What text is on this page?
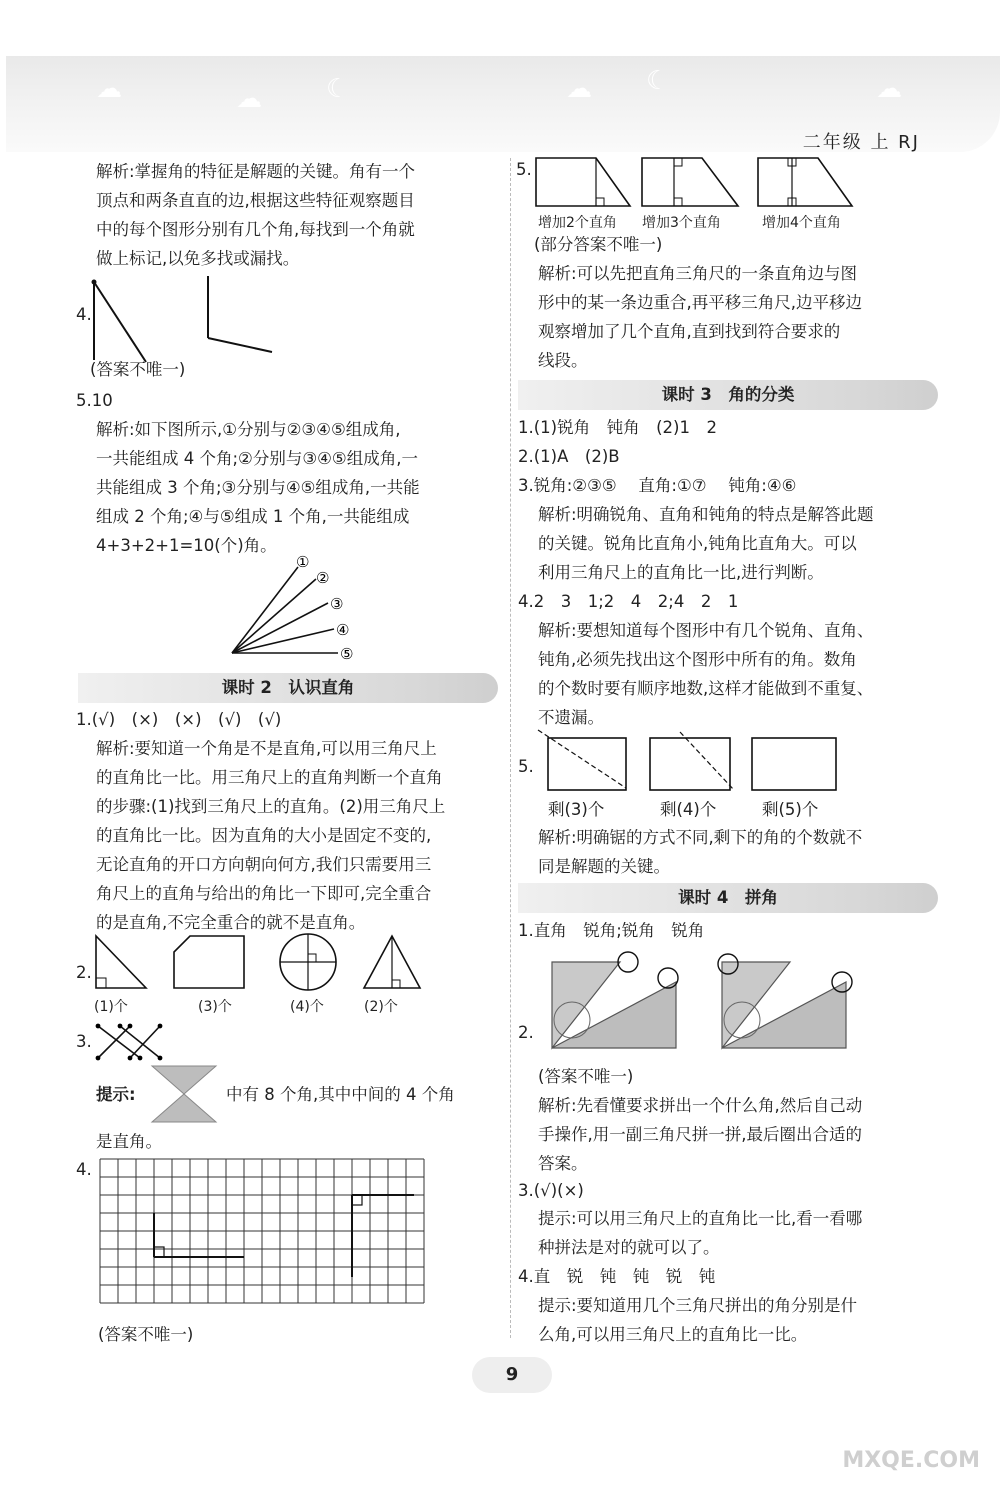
☁	☁ ☾	☁ ☾	☁
二年级 上 RJ

解析:掌握角的特征是解题的关键。角有一个

顶点和两条直直的边,根据这些特征观察题目

中的每个图形分别有几个角,每找到一个角就

做上标记,以免多找或漏找。

4.
(答案不唯一)
5.10

解析:如下图所示,①分别与②③④⑤组成角,

一共能组成 4 个角;②分别与③④⑤组成角,一

共能组成 3 个角;③分别与④⑤组成角,一共能

组成 2 个角;④与⑤组成 1 个角,一共能组成

4+3+2+1=10(个)角。

①
②
③
④
⑤
课时 2　认识直角
1.(√)　(×)　(×)　(√)　(√)

解析:要知道一个角是不是直角,可以用三角尺上

的直角比一比。用三角尺上的直角判断一个直角

的步骤:(1)找到三角尺上的直角。(2)用三角尺上

的直角比一比。因为直角的大小是固定不变的,

无论直角的开口方向朝向何方,我们只需要用三

角尺上的直角与给出的角比一下即可,完全重合

的是直角,不完全重合的就不是直角。

2.
(1)个	(3)个	(4)个	(2)个
3.
提示:	中有 8 个角,其中中间的 4 个角
是直角。
4.
(答案不唯一)
5.
增加2个直角 增加3个直角	增加4个直角
(部分答案不唯一)

解析:可以先把直角三角尺的一条直角边与图

形中的某一条边重合,再平移三角尺,边平移边

观察增加了几个直角,直到找到符合要求的

线段。

课时 3　角的分类

1.(1)锐角　钝角　(2)1　2

2.(1)A　(2)B

3.锐角:②③⑤　 直角:①⑦　 钝角:④⑥

解析:明确锐角、直角和钝角的特点是解答此题

的关键。锐角比直角小,钝角比直角大。可以

利用三角尺上的直角比一比,进行判断。

4.2　3　1;2　4　2;4　2　1

解析:要想知道每个图形中有几个锐角、直角、

钝角,必须先找出这个图形中所有的角。数角

的个数时要有顺序地数,这样才能做到不重复、

不遗漏。

5.
剩(3)个	剩(4)个	剩(5)个

解析:明确锯的方式不同,剩下的角的个数就不

同是解题的关键。

课时 4　拼角
1.直角　锐角;锐角　锐角
2.
(答案不唯一)

解析:先看懂要求拼出一个什么角,然后自己动

手操作,用一副三角尺拼一拼,最后圈出合适的

答案。

3.(√)(×)

提示:可以用三角尺上的直角比一比,看一看哪

种拼法是对的就可以了。

4.直　锐　钝　钝　锐　钝

提示:要知道用几个三角尺拼出的角分别是什

么角,可以用三角尺上的直角比一比。

9
MXQE.COM
